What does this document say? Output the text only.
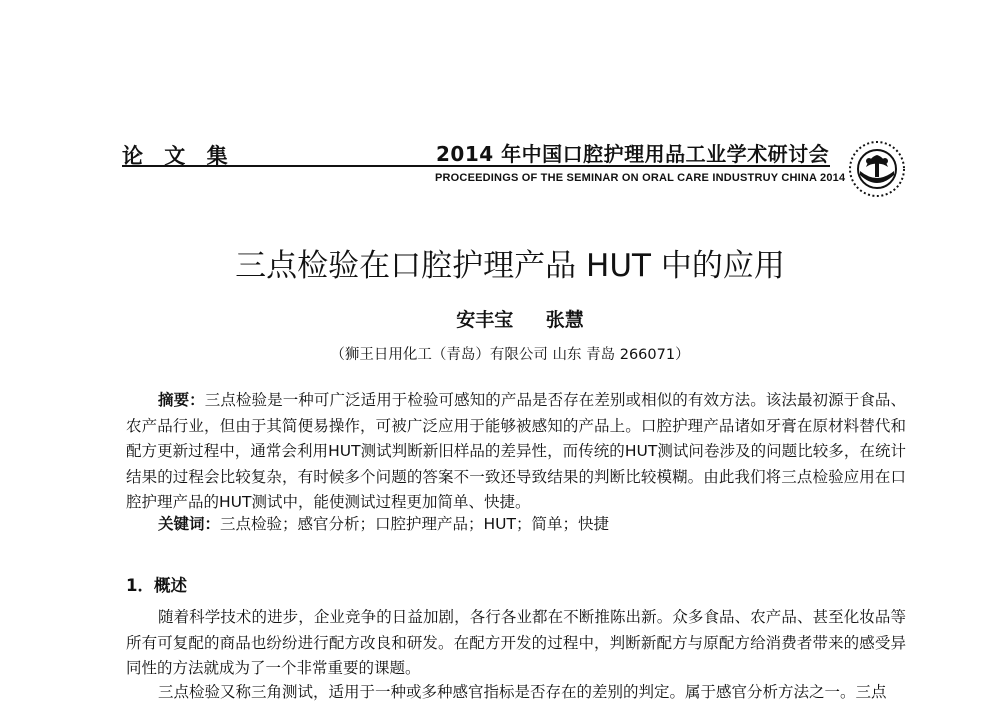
论 文 集	2014 年中国口腔护理用品工业学术研讨会
PROCEEDINGS OF THE SEMINAR ON ORAL CARE INDUSTRUY CHINA 2014
三点检验在口腔护理产品 HUT 中的应用
安丰宝 张慧
（狮王日用化工（青岛）有限公司 山东 青岛 266071）
摘要：三点检验是一种可广泛适用于检验可感知的产品是否存在差别或相似的有效方法。该法最初源于食品、农产品行业，但由于其简便易操作，可被广泛应用于能够被感知的产品上。口腔护理产品诸如牙膏在原材料替代和配方更新过程中，通常会利用HUT测试判断新旧样品的差异性，而传统的HUT测试问卷涉及的问题比较多，在统计结果的过程会比较复杂，有时候多个问题的答案不一致还导致结果的判断比较模糊。由此我们将三点检验应用在口腔护理产品的HUT测试中，能使测试过程更加简单、快捷。
关键词：三点检验；感官分析；口腔护理产品；HUT；简单；快捷
1．概述
随着科学技术的进步，企业竞争的日益加剧，各行各业都在不断推陈出新。众多食品、农产品、甚至化妆品等所有可复配的商品也纷纷进行配方改良和研发。在配方开发的过程中，判断新配方与原配方给消费者带来的感受异同性的方法就成为了一个非常重要的课题。
三点检验又称三角测试，适用于一种或多种感官指标是否存在的差别的判定。属于感官分析方法之一。三点
